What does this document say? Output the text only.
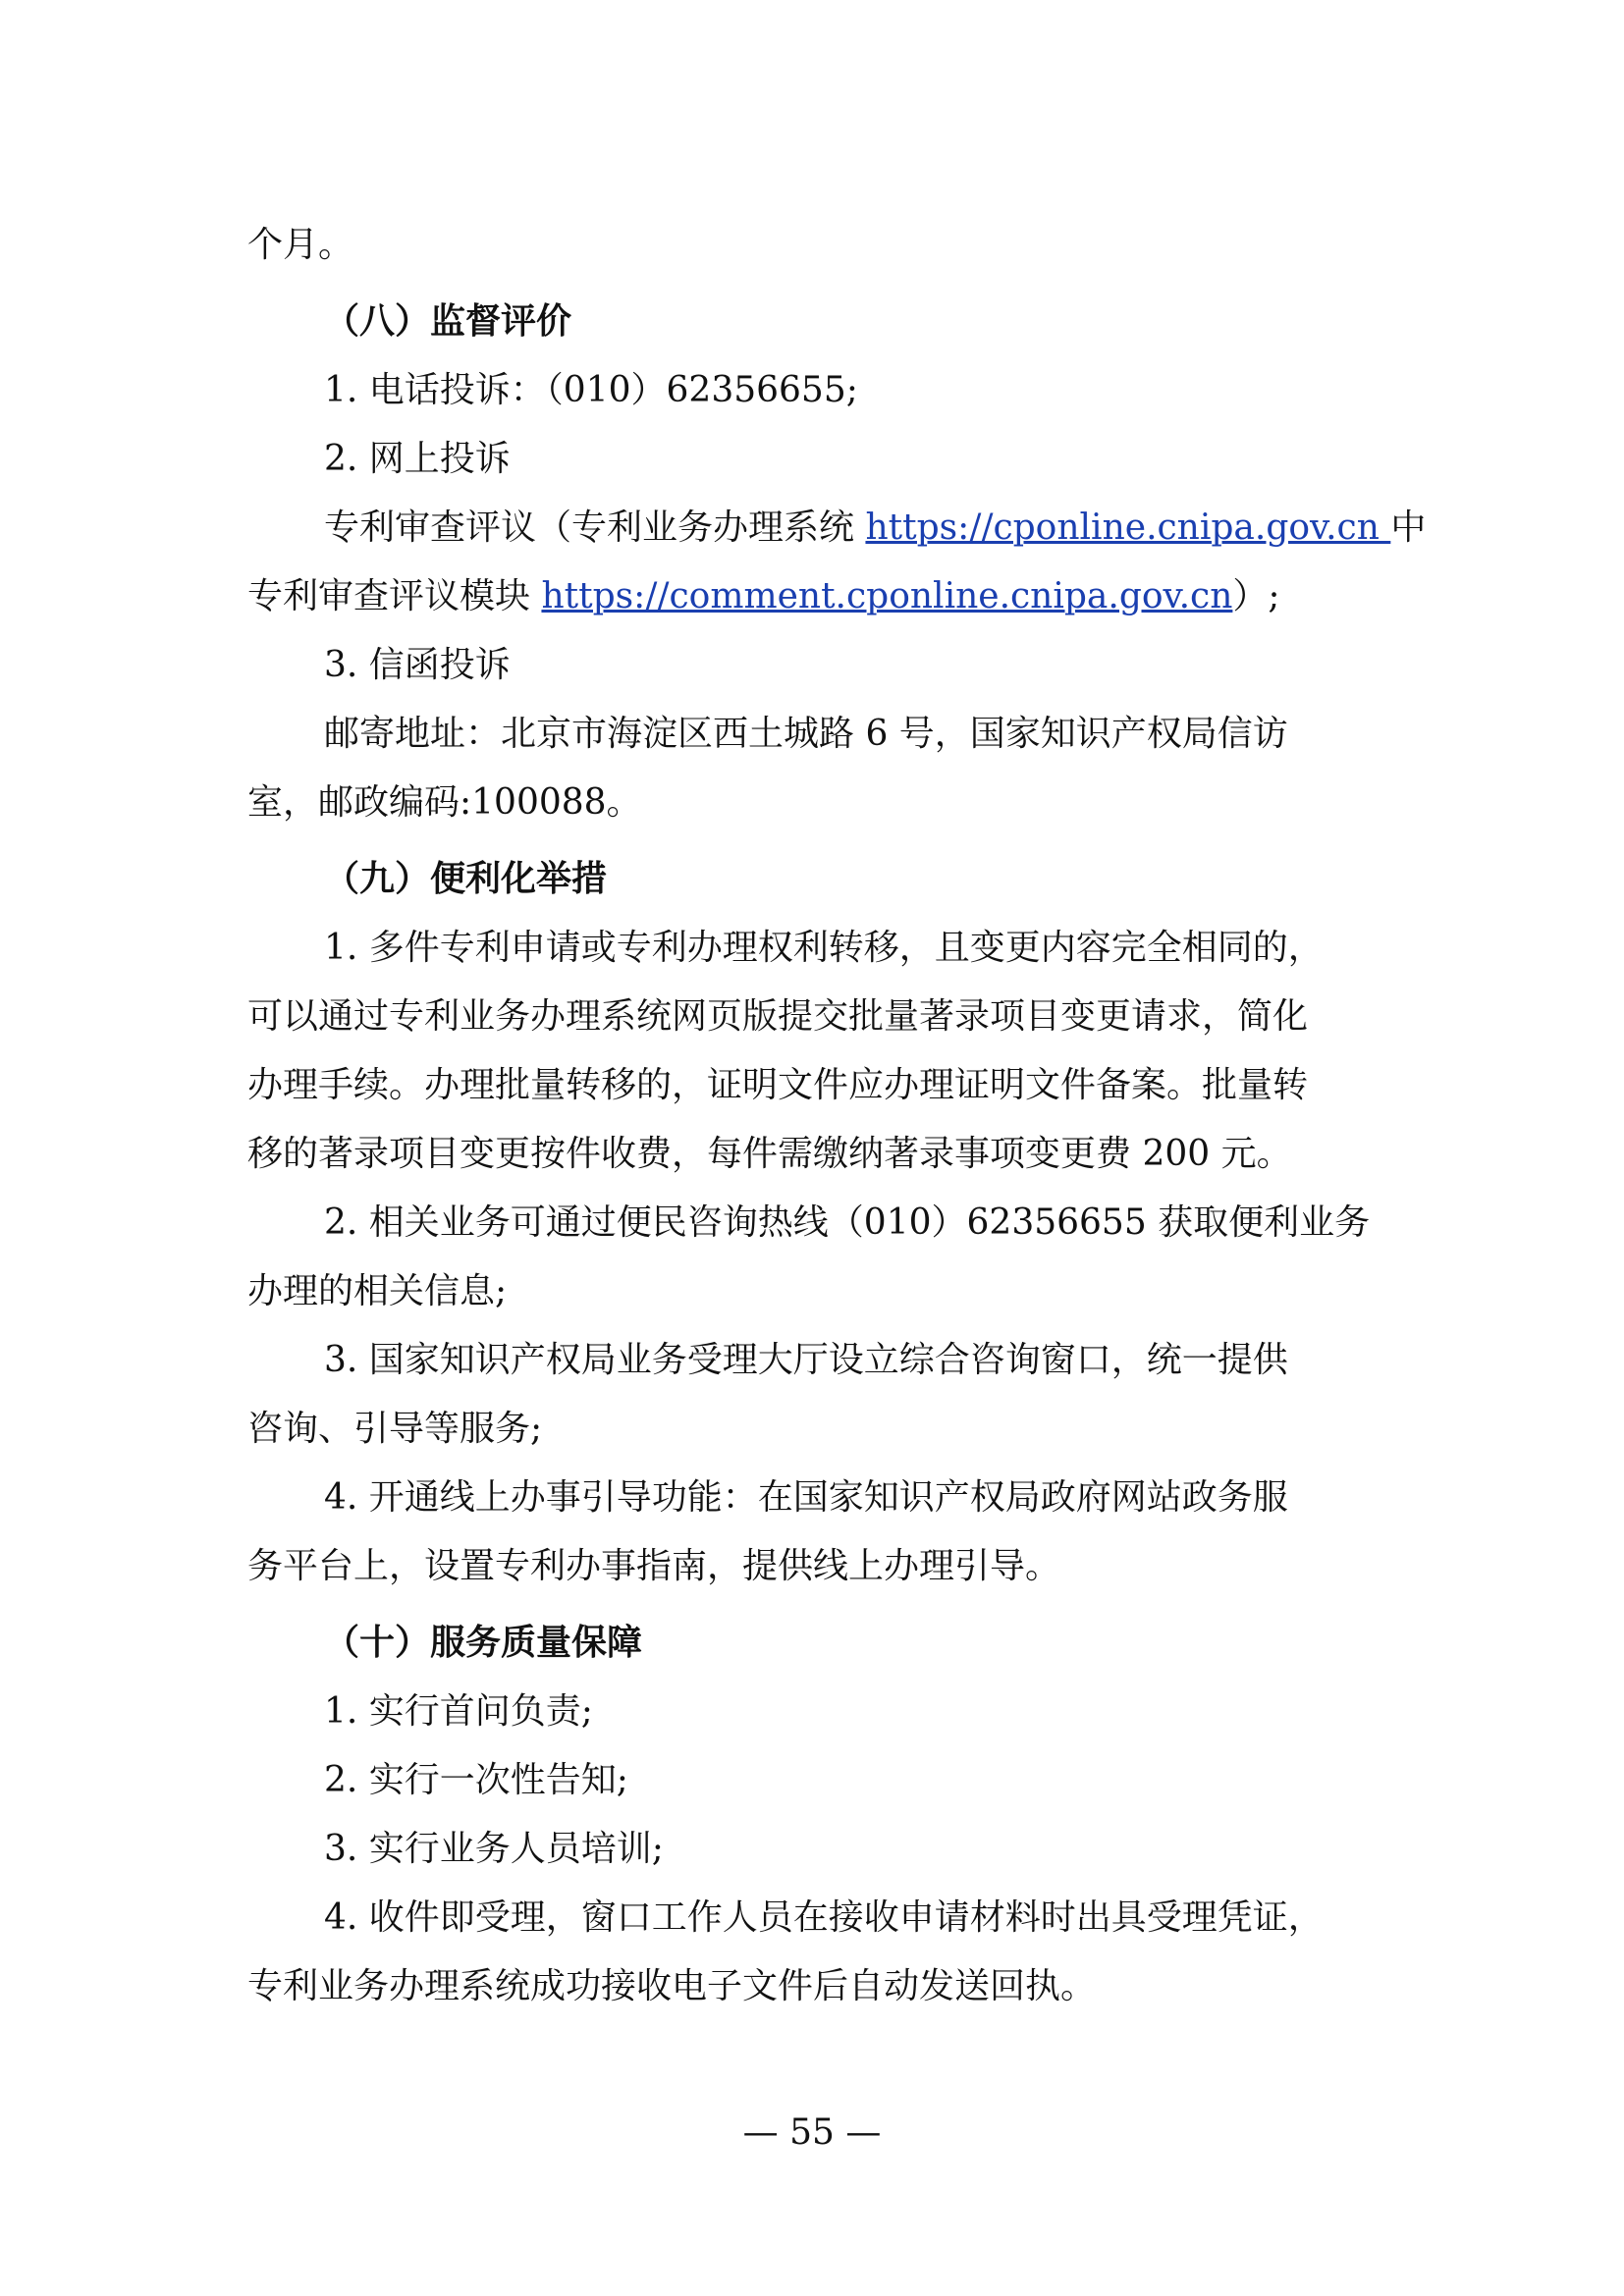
个月。

（八）监督评价

1. 电话投诉：（010）62356655;

2. 网上投诉

专利审查评议（专利业务办理系统 https://cponline.cnipa.gov.cn 中

专利审查评议模块 https://comment.cponline.cnipa.gov.cn）;

3. 信函投诉

邮寄地址：北京市海淀区西土城路 6 号，国家知识产权局信访

室，邮政编码:100088。

（九）便利化举措

1. 多件专利申请或专利办理权利转移，且变更内容完全相同的，

可以通过专利业务办理系统网页版提交批量著录项目变更请求，简化

办理手续。办理批量转移的，证明文件应办理证明文件备案。批量转

移的著录项目变更按件收费，每件需缴纳著录事项变更费 200 元。

2. 相关业务可通过便民咨询热线（010）62356655 获取便利业务

办理的相关信息;

3. 国家知识产权局业务受理大厅设立综合咨询窗口，统一提供

咨询、引导等服务;

4. 开通线上办事引导功能：在国家知识产权局政府网站政务服

务平台上，设置专利办事指南，提供线上办理引导。

（十）服务质量保障

1. 实行首问负责;

2. 实行一次性告知;

3. 实行业务人员培训;

4. 收件即受理，窗口工作人员在接收申请材料时出具受理凭证，

专利业务办理系统成功接收电子文件后自动发送回执。

— 55 —
